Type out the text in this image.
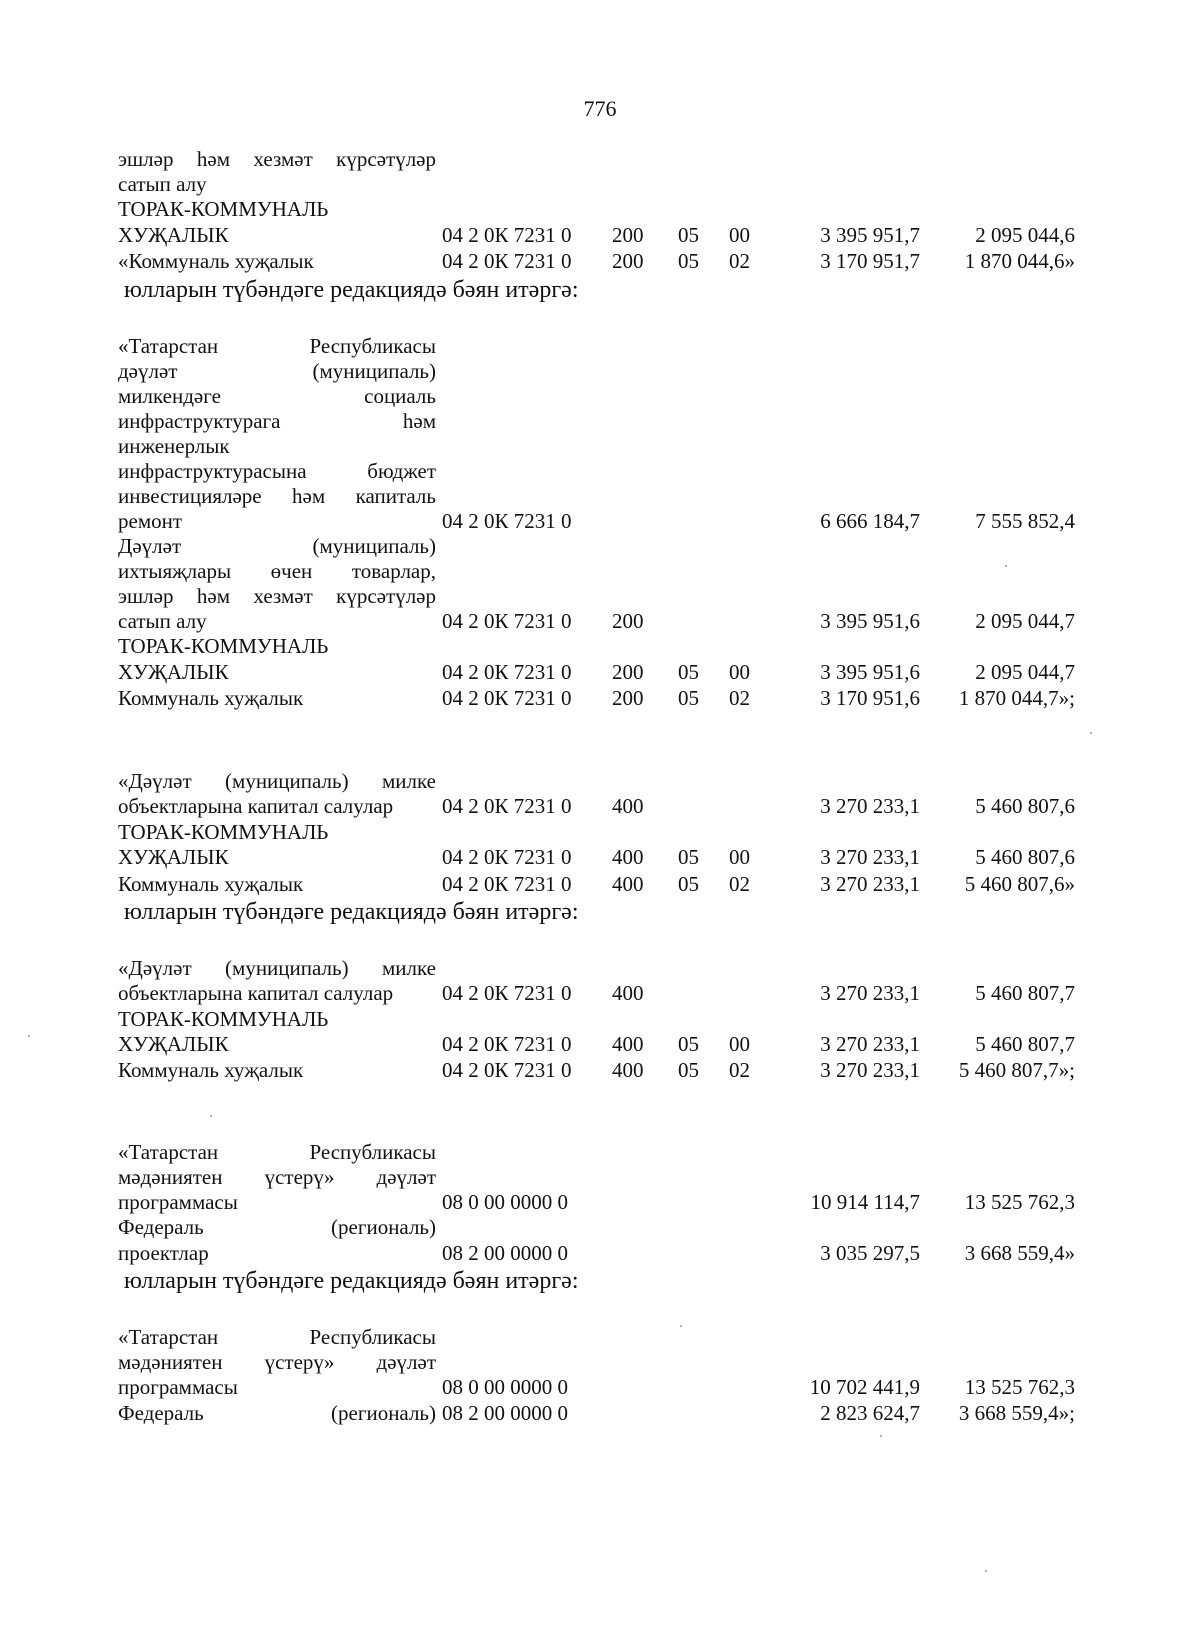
776
эшләр һәм хезмәт күрсәтүләр
сатып алу
ТОРАК-КОММУНАЛЬ
ХУҖАЛЫК	04 2 0К 7231 0 200 05 00	3 395 951,7	2 095 044,6
«Коммуналь хуҗалык	04 2 0К 7231 0 200 05 02	3 170 951,7	1 870 044,6»
юлларын түбәндәге редакциядә бәян итәргә:
«Татарстан Республикасы
дәүләт (муниципаль)
милкендәге социаль
инфраструктурага һәм
инженерлык
инфраструктурасына бюджет
инвестицияләре һәм капиталь
ремонт	04 2 0К 7231 0	6 666 184,7	7 555 852,4
Дәүләт (муниципаль)
ихтыяҗлары өчен товарлар,
эшләр һәм хезмәт күрсәтүләр
сатып алу	04 2 0К 7231 0 200	3 395 951,6	2 095 044,7
ТОРАК-КОММУНАЛЬ
ХУҖАЛЫК	04 2 0К 7231 0 200 05 00	3 395 951,6	2 095 044,7
Коммуналь хуҗалык	04 2 0К 7231 0 200 05 02	3 170 951,6	1 870 044,7»;
«Дәүләт (муниципаль) милке
объектларына капитал салулар 04 2 0К 7231 0 400	3 270 233,1	5 460 807,6
ТОРАК-КОММУНАЛЬ
ХУҖАЛЫК	04 2 0К 7231 0 400 05 00	3 270 233,1	5 460 807,6
Коммуналь хуҗалык	04 2 0К 7231 0 400 05 02	3 270 233,1	5 460 807,6»
юлларын түбәндәге редакциядә бәян итәргә:
«Дәүләт (муниципаль) милке
объектларына капитал салулар 04 2 0К 7231 0 400	3 270 233,1	5 460 807,7
ТОРАК-КОММУНАЛЬ
ХУҖАЛЫК	04 2 0К 7231 0 400 05 00	3 270 233,1	5 460 807,7
Коммуналь хуҗалык	04 2 0К 7231 0 400 05 02	3 270 233,1	5 460 807,7»;
«Татарстан Республикасы
мәдәниятен үстерү» дәүләт
программасы	08 0 00 0000 0	10 914 114,7	13 525 762,3
Федераль (региональ)
проектлар	08 2 00 0000 0	3 035 297,5	3 668 559,4»
юлларын түбәндәге редакциядә бәян итәргә:
«Татарстан Республикасы
мәдәниятен үстерү» дәүләт
программасы	08 0 00 0000 0	10 702 441,9	13 525 762,3
Федераль (региональ) 08 2 00 0000 0	2 823 624,7	3 668 559,4»;
